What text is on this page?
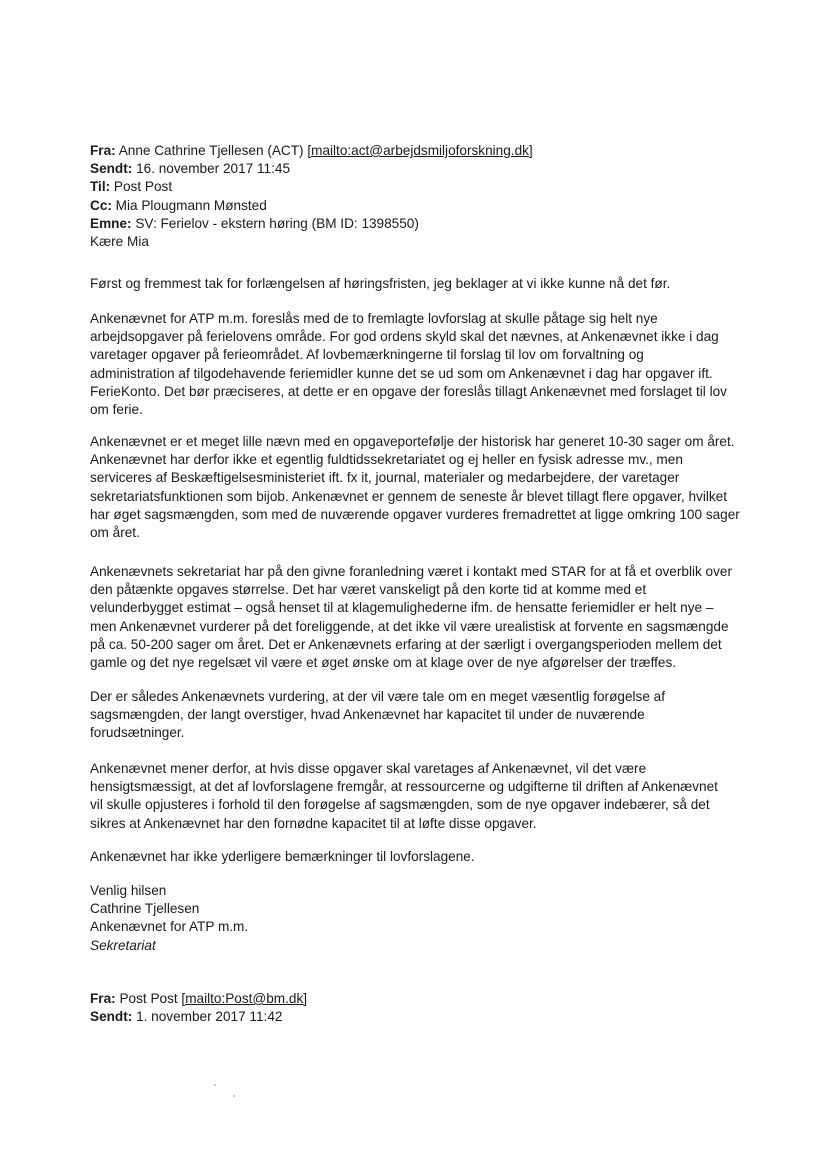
Fra: Anne Cathrine Tjellesen (ACT) [mailto:act@arbejdsmiljoforskning.dk]
Sendt: 16. november 2017 11:45
Til: Post Post
Cc: Mia Plougmann Mønsted
Emne: SV: Ferielov - ekstern høring (BM ID: 1398550)
Kære Mia
Først og fremmest tak for forlængelsen af høringsfristen, jeg beklager at vi ikke kunne nå det før.
Ankenævnet for ATP m.m. foreslås med de to fremlagte lovforslag at skulle påtage sig helt nye
arbejdsopgaver på ferielovens område. For god ordens skyld skal det nævnes, at Ankenævnet ikke i dag
varetager opgaver på ferieområdet. Af lovbemærkningerne til forslag til lov om forvaltning og
administration af tilgodehavende feriemidler kunne det se ud som om Ankenævnet i dag har opgaver ift.
FerieKonto. Det bør præciseres, at dette er en opgave der foreslås tillagt Ankenævnet med forslaget til lov
om ferie.
Ankenævnet er et meget lille nævn med en opgaveportefølje der historisk har generet 10-30 sager om året.
Ankenævnet har derfor ikke et egentlig fuldtidssekretariatet og ej heller en fysisk adresse mv., men
serviceres af Beskæftigelsesministeriet ift. fx it, journal, materialer og medarbejdere, der varetager
sekretariatsfunktionen som bijob. Ankenævnet er gennem de seneste år blevet tillagt flere opgaver, hvilket
har øget sagsmængden, som med de nuværende opgaver vurderes fremadrettet at ligge omkring 100 sager
om året.
Ankenævnets sekretariat har på den givne foranledning været i kontakt med STAR for at få et overblik over
den påtænkte opgaves størrelse. Det har været vanskeligt på den korte tid at komme med et
velunderbygget estimat – også henset til at klagemulighederne ifm. de hensatte feriemidler er helt nye –
men Ankenævnet vurderer på det foreliggende, at det ikke vil være urealistisk at forvente en sagsmængde
på ca. 50-200 sager om året. Det er Ankenævnets erfaring at der særligt i overgangsperioden mellem det
gamle og det nye regelsæt vil være et øget ønske om at klage over de nye afgørelser der træffes.
Der er således Ankenævnets vurdering, at der vil være tale om en meget væsentlig forøgelse af
sagsmængden, der langt overstiger, hvad Ankenævnet har kapacitet til under de nuværende
forudsætninger.
Ankenævnet mener derfor, at hvis disse opgaver skal varetages af Ankenævnet, vil det være
hensigtsmæssigt, at det af lovforslagene fremgår, at ressourcerne og udgifterne til driften af Ankenævnet
vil skulle opjusteres i forhold til den forøgelse af sagsmængden, som de nye opgaver indebærer, så det
sikres at Ankenævnet har den fornødne kapacitet til at løfte disse opgaver.
Ankenævnet har ikke yderligere bemærkninger til lovforslagene.
Venlig hilsen
Cathrine Tjellesen
Ankenævnet for ATP m.m.
Sekretariat
Fra: Post Post [mailto:Post@bm.dk]
Sendt: 1. november 2017 11:42
